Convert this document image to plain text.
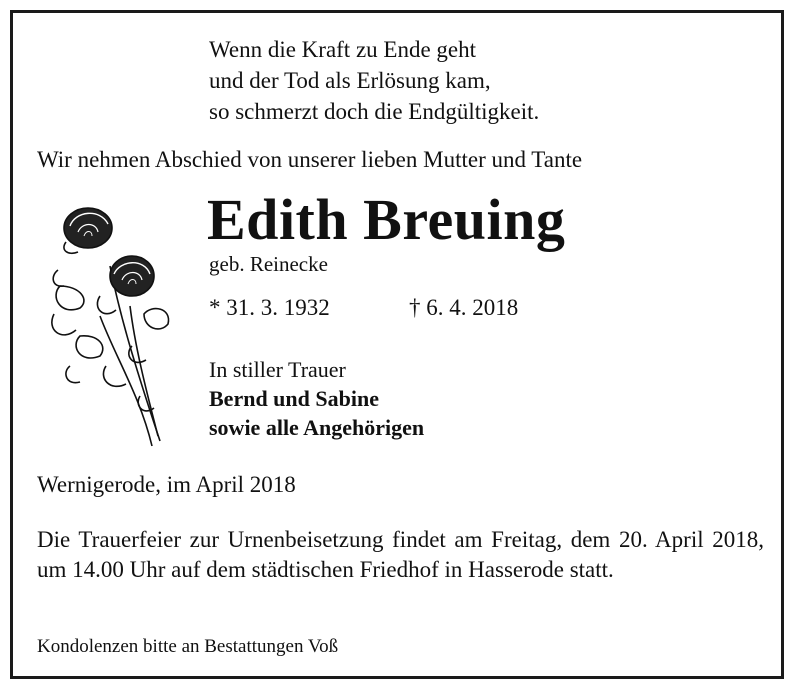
Wenn die Kraft zu Ende geht
und der Tod als Erlösung kam,
so schmerzt doch die Endgültigkeit.
Wir nehmen Abschied von unserer lieben Mutter und Tante
Edith Breuing
geb. Reinecke
* 31. 3. 1932	† 6. 4. 2018
In stiller Trauer
Bernd und Sabine
sowie alle Angehörigen
Wernigerode, im April 2018
Die Trauerfeier zur Urnenbeisetzung findet am Freitag, dem 20. April 2018, um 14.00 Uhr auf dem städtischen Friedhof in Hasserode statt.
Kondolenzen bitte an Bestattungen Voß
